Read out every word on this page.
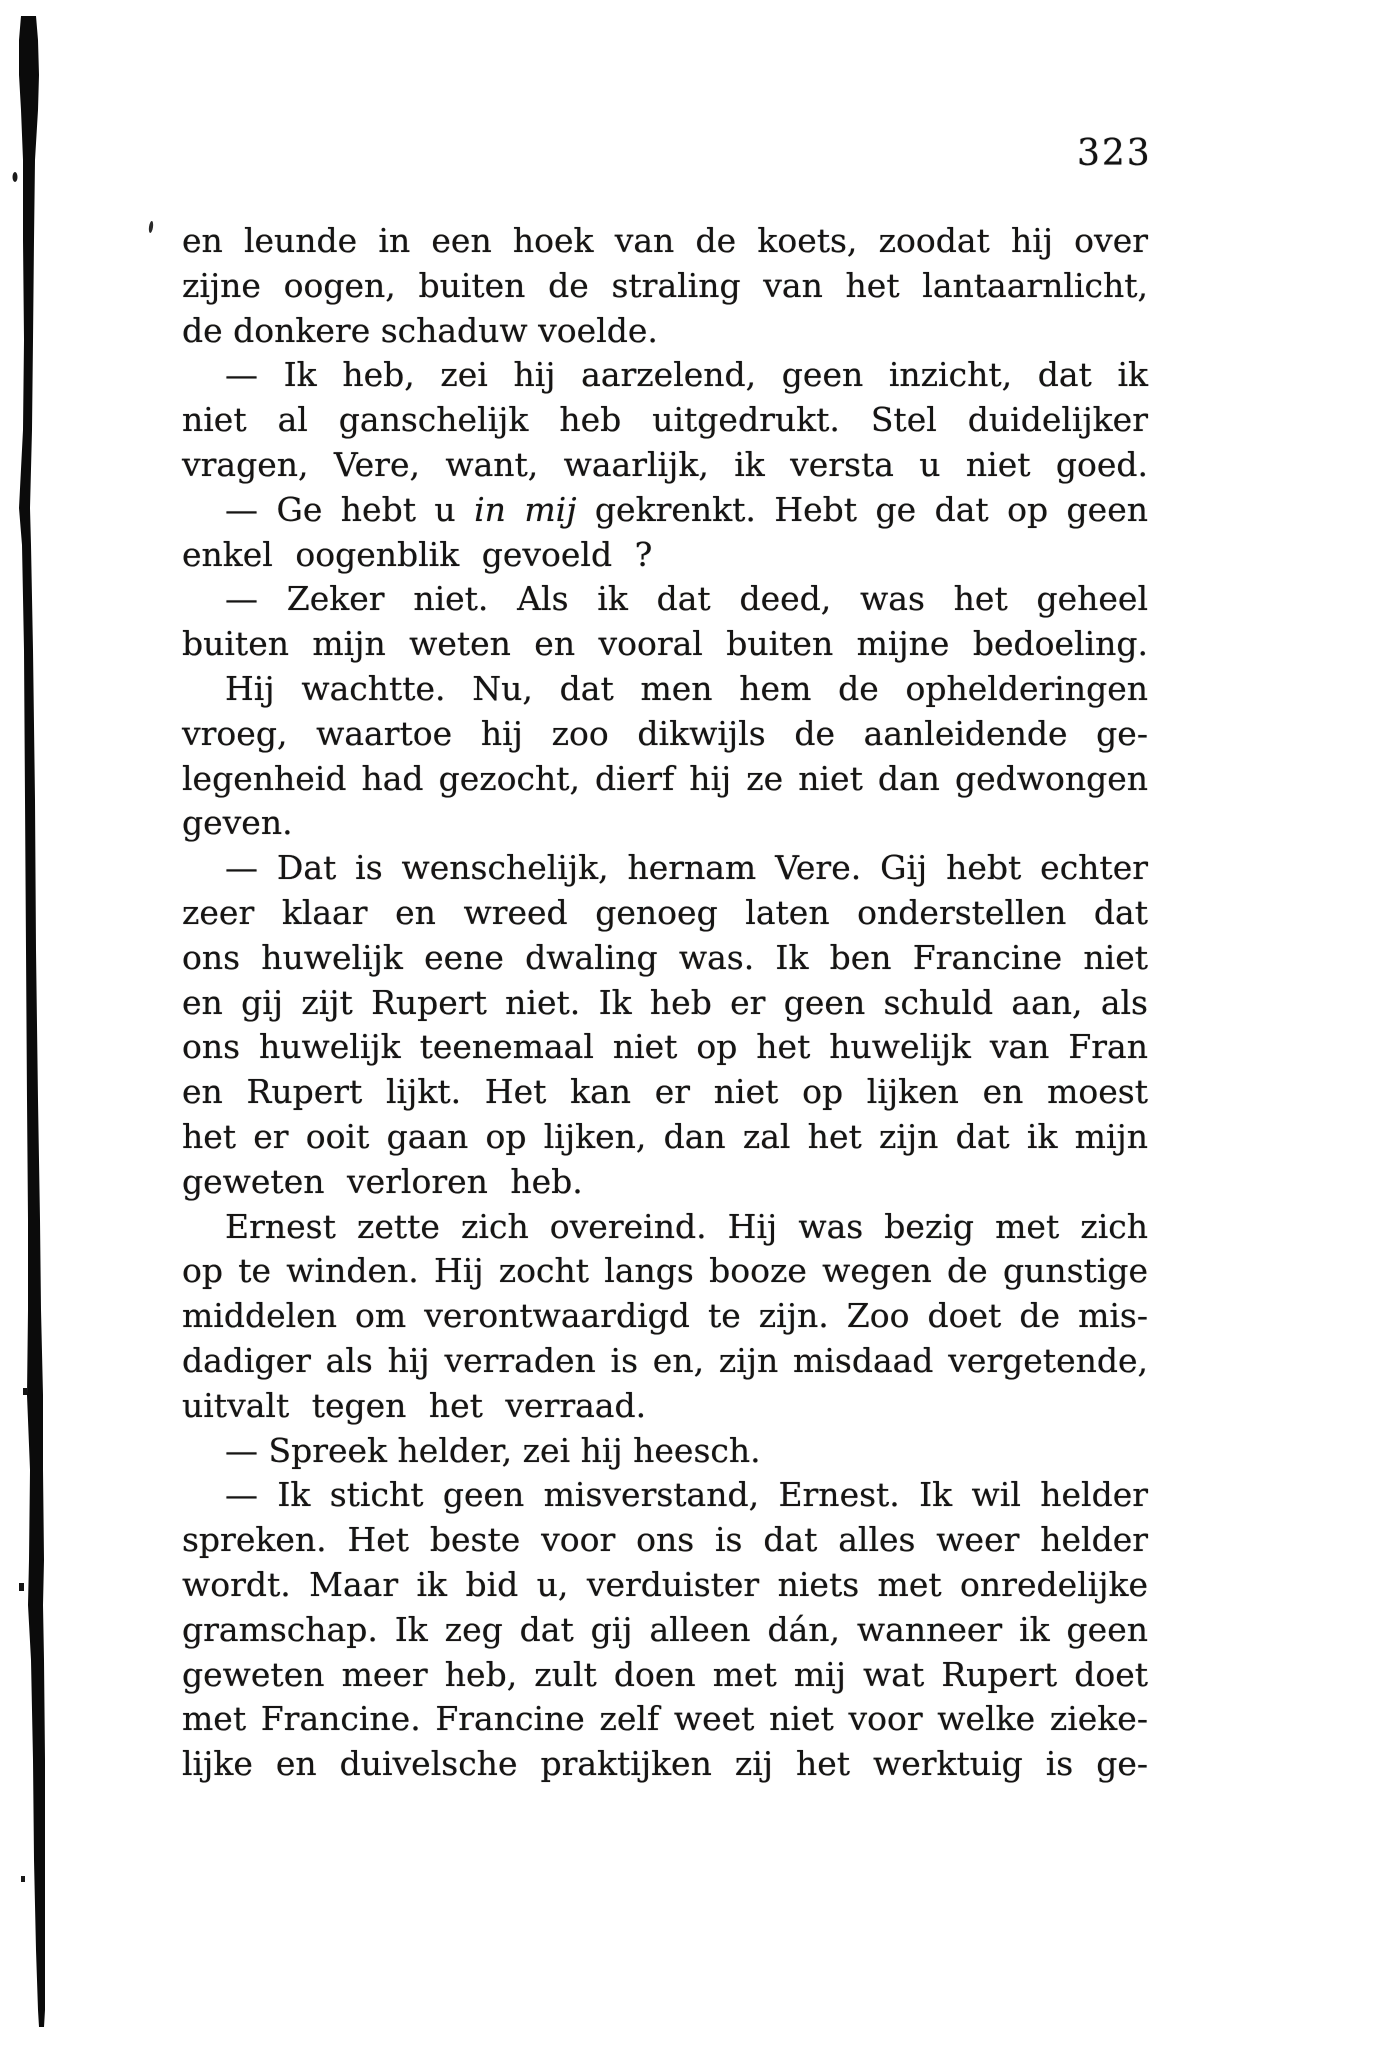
323
en leunde in een hoek van de koets, zoodat hij over
zijne oogen, buiten de straling van het lantaarnlicht,
de donkere schaduw voelde.
— Ik heb, zei hij aarzelend, geen inzicht, dat ik
niet al ganschelijk heb uitgedrukt. Stel duidelijker
vragen, Vere, want, waarlijk, ik versta u niet goed.
— Ge hebt u in mij gekrenkt. Hebt ge dat op geen
enkel oogenblik gevoeld ?
— Zeker niet. Als ik dat deed, was het geheel
buiten mijn weten en vooral buiten mijne bedoeling.
Hij wachtte. Nu, dat men hem de ophelderingen
vroeg, waartoe hij zoo dikwijls de aanleidende ge-
legenheid had gezocht, dierf hij ze niet dan gedwongen
geven.
— Dat is wenschelijk, hernam Vere. Gij hebt echter
zeer klaar en wreed genoeg laten onderstellen dat
ons huwelijk eene dwaling was. Ik ben Francine niet
en gij zijt Rupert niet. Ik heb er geen schuld aan, als
ons huwelijk teenemaal niet op het huwelijk van Fran
en Rupert lijkt. Het kan er niet op lijken en moest
het er ooit gaan op lijken, dan zal het zijn dat ik mijn
geweten verloren heb.
Ernest zette zich overeind. Hij was bezig met zich
op te winden. Hij zocht langs booze wegen de gunstige
middelen om verontwaardigd te zijn. Zoo doet de mis-
dadiger als hij verraden is en, zijn misdaad vergetende,
uitvalt tegen het verraad.
— Spreek helder, zei hij heesch.
— Ik sticht geen misverstand, Ernest. Ik wil helder
spreken. Het beste voor ons is dat alles weer helder
wordt. Maar ik bid u, verduister niets met onredelijke
gramschap. Ik zeg dat gij alleen dán, wanneer ik geen
geweten meer heb, zult doen met mij wat Rupert doet
met Francine. Francine zelf weet niet voor welke zieke-
lijke en duivelsche praktijken zij het werktuig is ge-
